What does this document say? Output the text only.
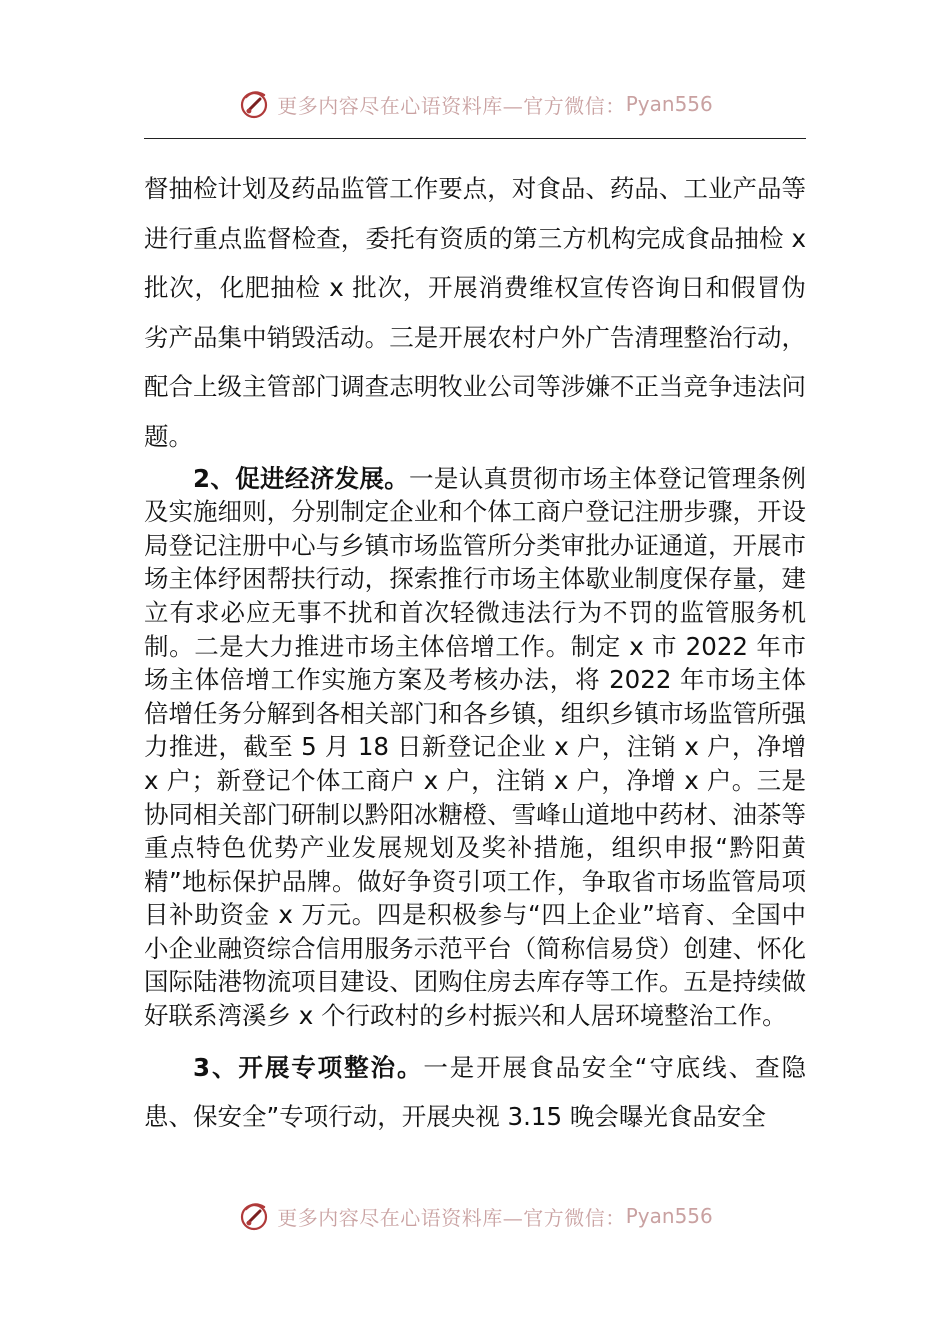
更多内容尽在心语资料库—官方微信： Pyan556

督抽检计划及药品监管工作要点，对食品、药品、工业产品等进行重点监督检查，委托有资质的第三方机构完成食品抽检 x 批次，化肥抽检 x 批次，开展消费维权宣传咨询日和假冒伪劣产品集中销毁活动。三是开展农村户外广告清理整治行动，配合上级主管部门调查志明牧业公司等涉嫌不正当竞争违法问题。

2、促进经济发展。一是认真贯彻市场主体登记管理条例及实施细则，分别制定企业和个体工商户登记注册步骤，开设局登记注册中心与乡镇市场监管所分类审批办证通道，开展市场主体纾困帮扶行动，探索推行市场主体歇业制度保存量，建立有求必应无事不扰和首次轻微违法行为不罚的监管服务机制。二是大力推进市场主体倍增工作。制定 x 市 2022 年市场主体倍增工作实施方案及考核办法，将 2022 年市场主体倍增任务分解到各相关部门和各乡镇，组织乡镇市场监管所强力推进，截至 5 月 18 日新登记企业 x 户，注销 x 户，净增 x 户；新登记个体工商户 x 户，注销 x 户，净增 x 户。三是协同相关部门研制以黔阳冰糖橙、雪峰山道地中药材、油茶等重点特色优势产业发展规划及奖补措施，组织申报“黔阳黄精”地标保护品牌。做好争资引项工作，争取省市场监管局项目补助资金 x 万元。四是积极参与“四上企业”培育、全国中小企业融资综合信用服务示范平台（简称信易贷）创建、怀化国际陆港物流项目建设、团购住房去库存等工作。五是持续做好联系湾溪乡 x 个行政村的乡村振兴和人居环境整治工作。

3、开展专项整治。一是开展食品安全“守底线、查隐患、保安全”专项行动，开展央视 3.15 晚会曝光食品安全

更多内容尽在心语资料库—官方微信： Pyan556
